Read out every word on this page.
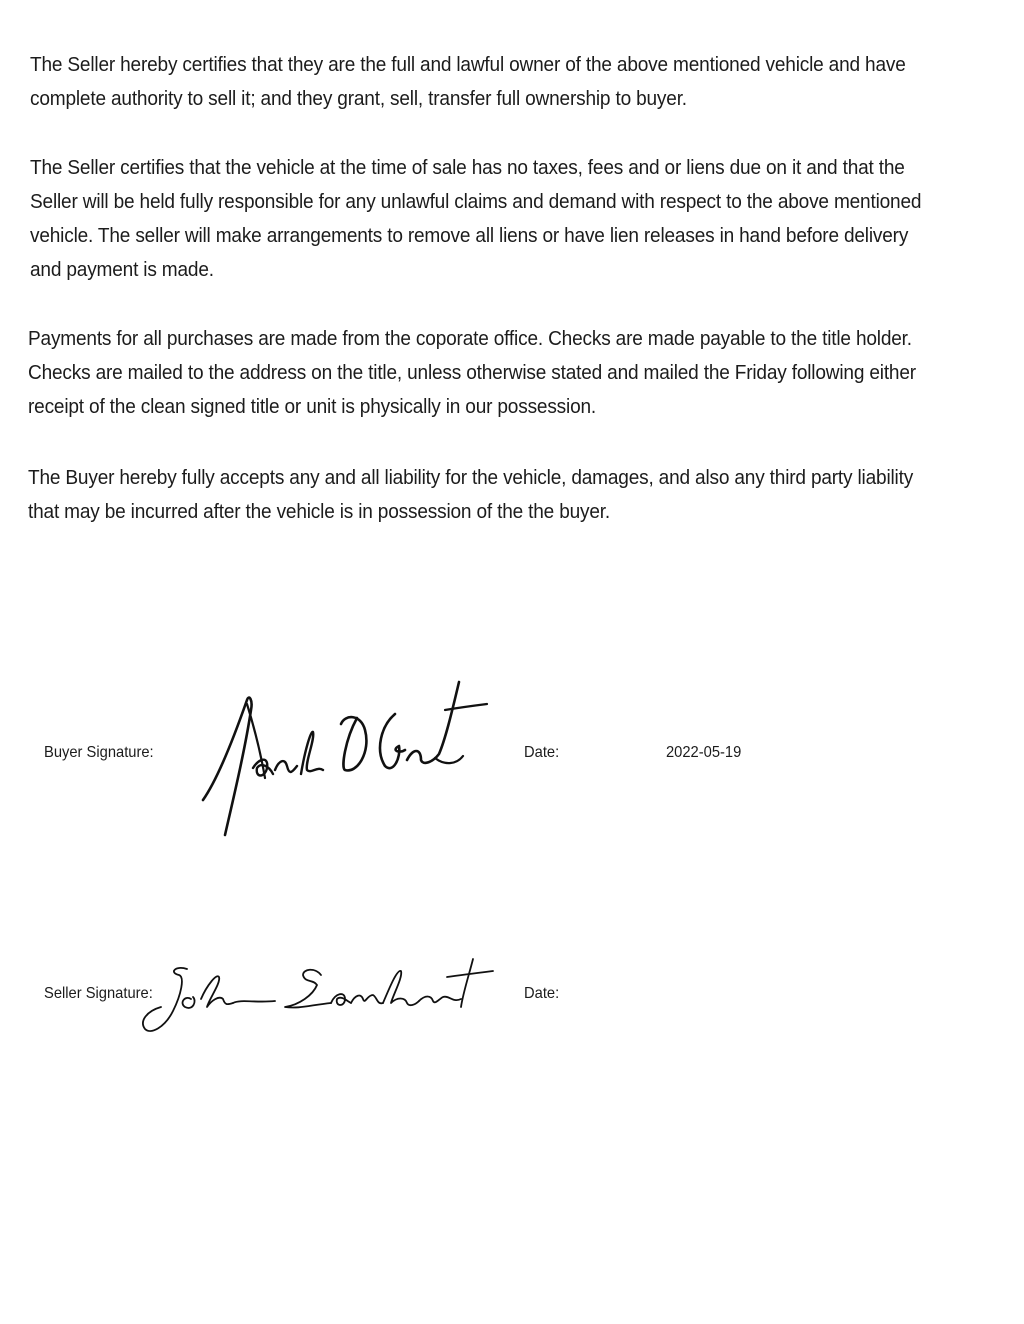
The Seller hereby certifies that they are the full and lawful owner of the above mentioned vehicle and have

complete authority to sell it; and they grant, sell, transfer full ownership to buyer.

The Seller certifies that the vehicle at the time of sale has no taxes, fees and or liens due on it and that the

Seller will be held fully responsible for any unlawful claims and demand with respect to the above mentioned

vehicle. The seller will make arrangements to remove all liens or have lien releases in hand before delivery

and payment is made.

Payments for all purchases are made from the coporate office. Checks are made payable to the title holder.

Checks are mailed to the address on the title, unless otherwise stated and mailed the Friday following either

receipt of the clean signed title or unit is physically in our possession.

The Buyer hereby fully accepts any and all liability for the vehicle, damages, and also any third party liability

that may be incurred after the vehicle is in possession of the the buyer.

Buyer Signature:	Date:	2022-05-19
Seller Signature:	Date:
